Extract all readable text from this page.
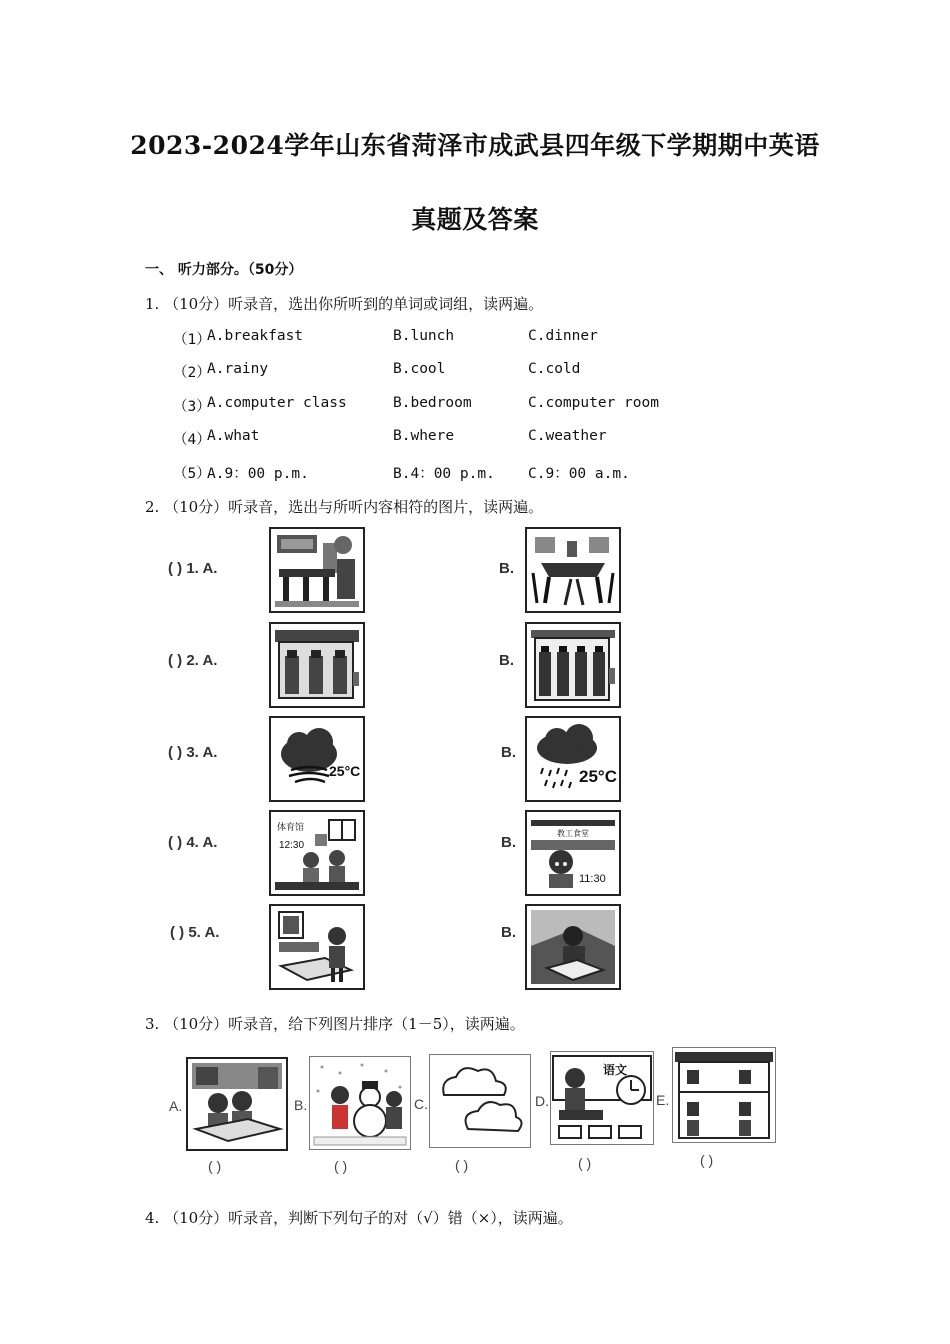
2023-2024学年山东省菏泽市成武县四年级下学期期中英语
真题及答案
一、 听力部分。（50分）
1. （10分）听录音，选出你所听到的单词或词组，读两遍。
（1）
A.breakfast	B.lunch	C.dinner
（2）
A.rainy	B.cool	C.cold
（3）
A.computer class	B.bedroom	C.computer room
（4）
A.what	B.where	C.weather
（5）
A.9：00 p.m.	B.4：00 p.m. C.9：00 a.m.
2. （10分）听录音，选出与所听内容相符的图片，读两遍。
( ) 1. A.	B.
( ) 2. A.	B.
( ) 3. A.
25°C
B.
25°C
( ) 4. A.
体育馆
12:30	B.
教工食堂
11:30
( ) 5. A.	B.
3. （10分）听录音，给下列图片排序（1－5），读两遍。
A.
( )
B.
( )
C.
( )
D.
语文
( )
E.
( )
4. （10分）听录音，判断下列句子的对（√）错（×），读两遍。
